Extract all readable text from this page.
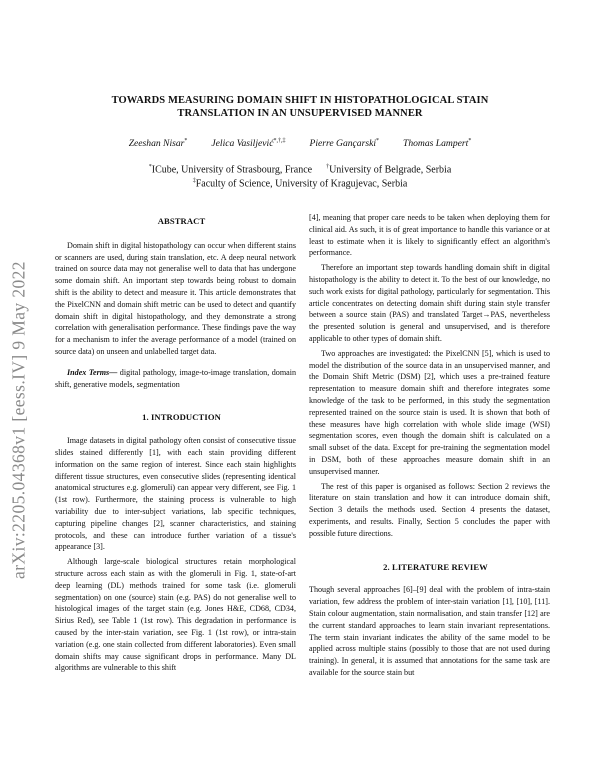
arXiv:2205.04368v1 [eess.IV] 9 May 2022
TOWARDS MEASURING DOMAIN SHIFT IN HISTOPATHOLOGICAL STAIN
TRANSLATION IN AN UNSUPERVISED MANNER
Zeeshan Nisar*	Jelica Vasiljević*,†,‡	Pierre Gançarski*	Thomas Lampert*
*ICube, University of Strasbourg, France †University of Belgrade, Serbia
‡Faculty of Science, University of Kragujevac, Serbia

ABSTRACT

Domain shift in digital histopathology can occur when different stains or scanners are used, during stain translation, etc. A deep neural network trained on source data may not generalise well to data that has undergone some domain shift. An important step towards being robust to domain shift is the ability to detect and measure it. This article demonstrates that the PixelCNN and domain shift metric can be used to detect and quantify domain shift in digital histopathology, and they demonstrate a strong correlation with generalisation performance. These findings pave the way for a mechanism to infer the average performance of a model (trained on source data) on unseen and unlabelled target data.

Index Terms— digital pathology, image-to-image translation, domain shift, generative models, segmentation

1. INTRODUCTION

Image datasets in digital pathology often consist of consecutive tissue slides stained differently [1], with each stain providing different information on the same region of interest. Since each stain highlights different tissue structures, even consecutive slides (representing identical anatomical structures e.g. glomeruli) can appear very different, see Fig. 1 (1st row). Furthermore, the staining process is vulnerable to high variability due to inter-subject variations, lab specific techniques, capturing pipeline changes [2], scanner characteristics, and staining protocols, and these can introduce further variation of a tissue's appearance [3].

Although large-scale biological structures retain morphological structure across each stain as with the glomeruli in Fig. 1, state-of-art deep learning (DL) methods trained for some task (i.e. glomeruli segmentation) on one (source) stain (e.g. PAS) do not generalise well to histological images of the target stain (e.g. Jones H&E, CD68, CD34, Sirius Red), see Table 1 (1st row). This degradation in performance is caused by the inter-stain variation, see Fig. 1 (1st row), or intra-stain variation (e.g. one stain collected from different laboratories). Even small domain shifts may cause significant drops in performance. Many DL algorithms are vulnerable to this shift

[4], meaning that proper care needs to be taken when deploying them for clinical aid. As such, it is of great importance to handle this variance or at least to estimate when it is likely to significantly effect an algorithm's performance.

Therefore an important step towards handling domain shift in digital histopathology is the ability to detect it. To the best of our knowledge, no such work exists for digital pathology, particularly for segmentation. This article concentrates on detecting domain shift during stain style transfer between a source stain (PAS) and translated Target→PAS, nevertheless the presented solution is general and unsupervised, and is therefore applicable to other types of domain shift.

Two approaches are investigated: the PixelCNN [5], which is used to model the distribution of the source data in an unsupervised manner, and the Domain Shift Metric (DSM) [2], which uses a pre-trained feature representation to measure domain shift and therefore integrates some knowledge of the task to be performed, in this study the segmentation represented trained on the source stain is used. It is shown that both of these measures have high correlation with whole slide image (WSI) segmentation scores, even though the domain shift is calculated on a small subset of the data. Except for pre-training the segmentation model in DSM, both of these approaches measure domain shift in an unsupervised manner.

The rest of this paper is organised as follows: Section 2 reviews the literature on stain translation and how it can introduce domain shift, Section 3 details the methods used. Section 4 presents the dataset, experiments, and results. Finally, Section 5 concludes the paper with possible future directions.

2. LITERATURE REVIEW

Though several approaches [6]–[9] deal with the problem of intra-stain variation, few address the problem of inter-stain variation [1], [10], [11]. Stain colour augmentation, stain normalisation, and stain transfer [12] are the current standard approaches to learn stain invariant representations. The term stain invariant indicates the ability of the same model to be applied across multiple stains (possibly to those that are not used during training). In general, it is assumed that annotations for the same task are available for the source stain but
